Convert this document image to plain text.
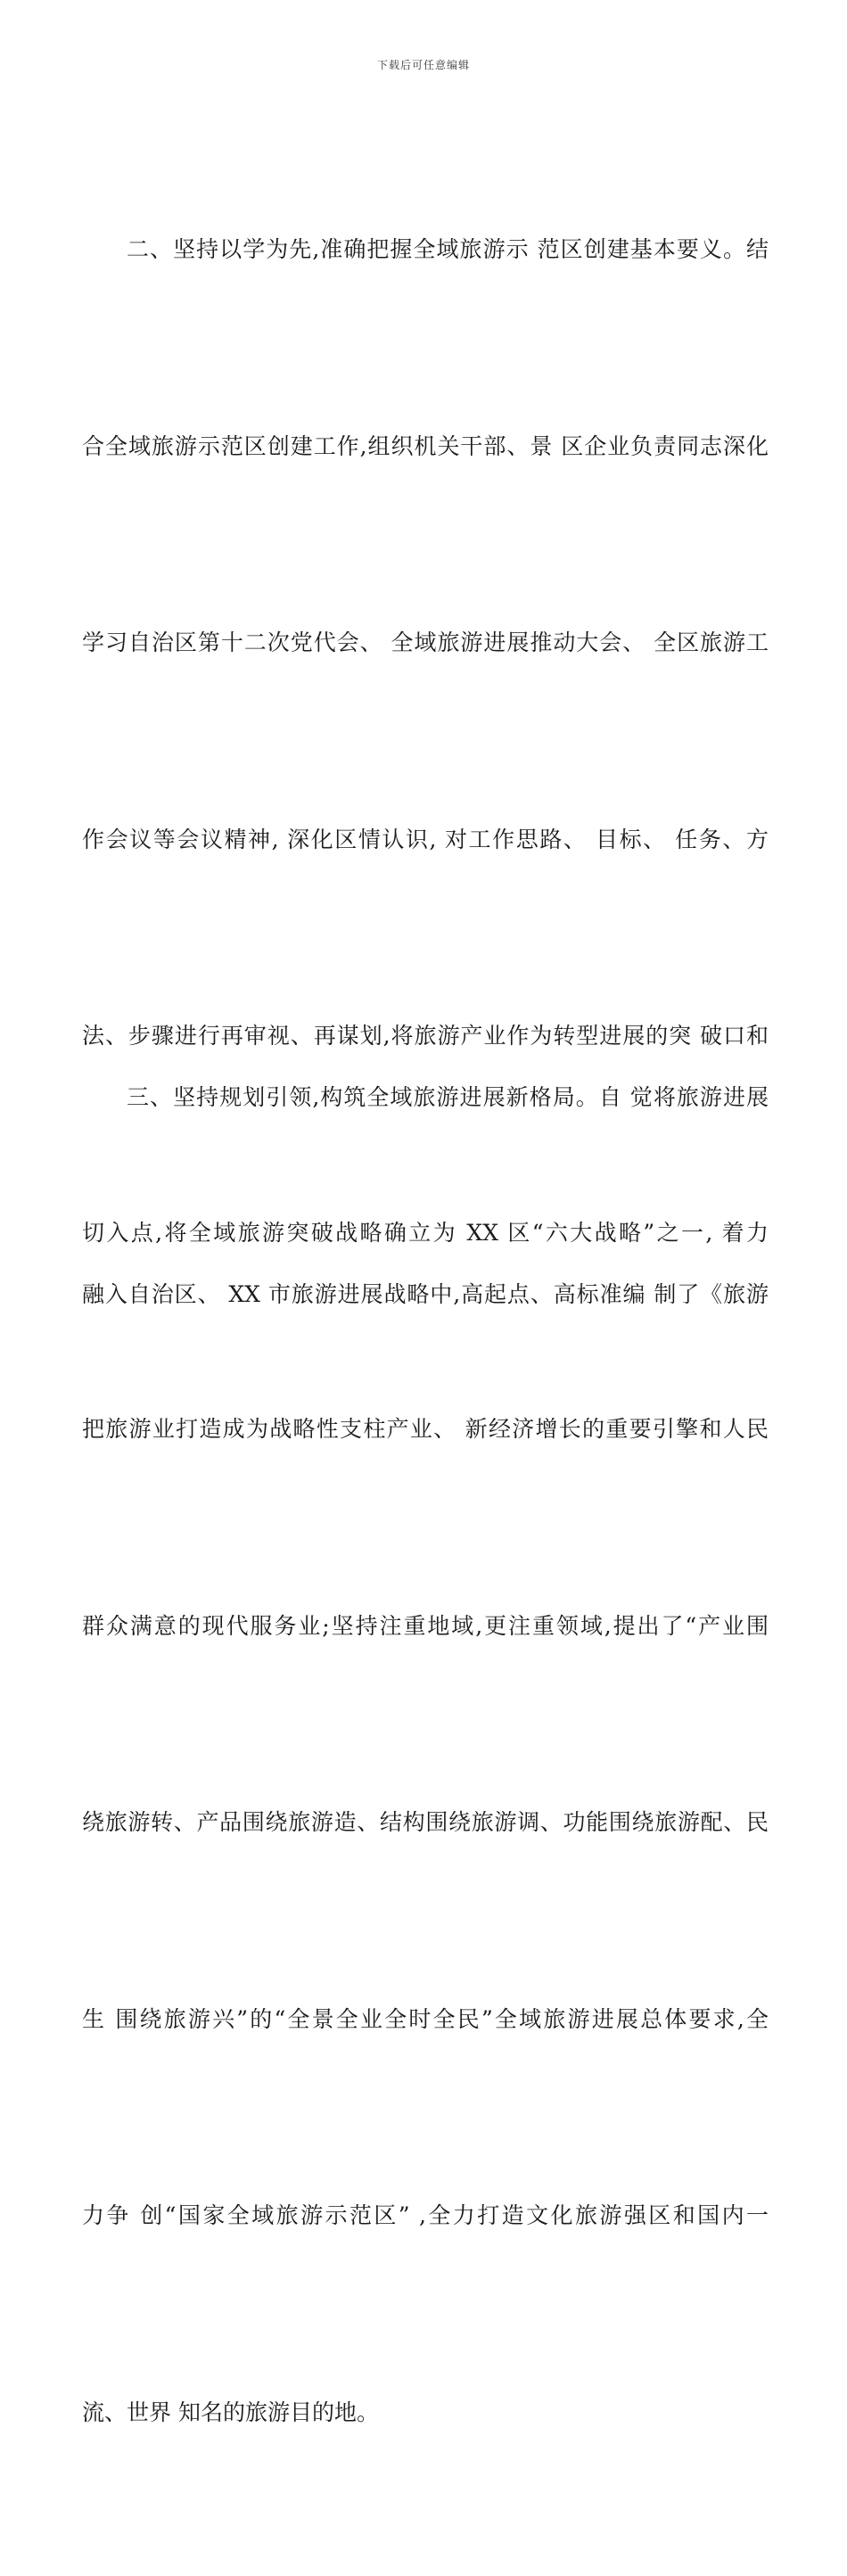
下载后可任意编辑

二、坚持以学为先,准确把握全域旅游示 范区创建基本要义。结

合全域旅游示范区创建工作,组织机关干部、景 区企业负责同志深化

学习自治区第十二次党代会、 全域旅游进展推动大会、 全区旅游工

作会议等会议精神, 深化区情认识, 对工作思路、 目标、 任务、方

法、步骤进行再审视、再谋划,将旅游产业作为转型进展的突 破口和

切入点,将全域旅游突破战略确立为 XX 区“六大战略”之一, 着力

把旅游业打造成为战略性支柱产业、 新经济增长的重要引擎和人民

群众满意的现代服务业;坚持注重地域,更注重领域,提出了“产业围

绕旅游转、产品围绕旅游造、结构围绕旅游调、功能围绕旅游配、民

生 围绕旅游兴”的“全景全业全时全民”全域旅游进展总体要求,全

力争 创“国家全域旅游示范区” ,全力打造文化旅游强区和国内一

流、世界 知名的旅游目的地。

三、坚持规划引领,构筑全域旅游进展新格局。自 觉将旅游进展

融入自治区、 XX 市旅游进展战略中,高起点、高标准编 制了《旅游
